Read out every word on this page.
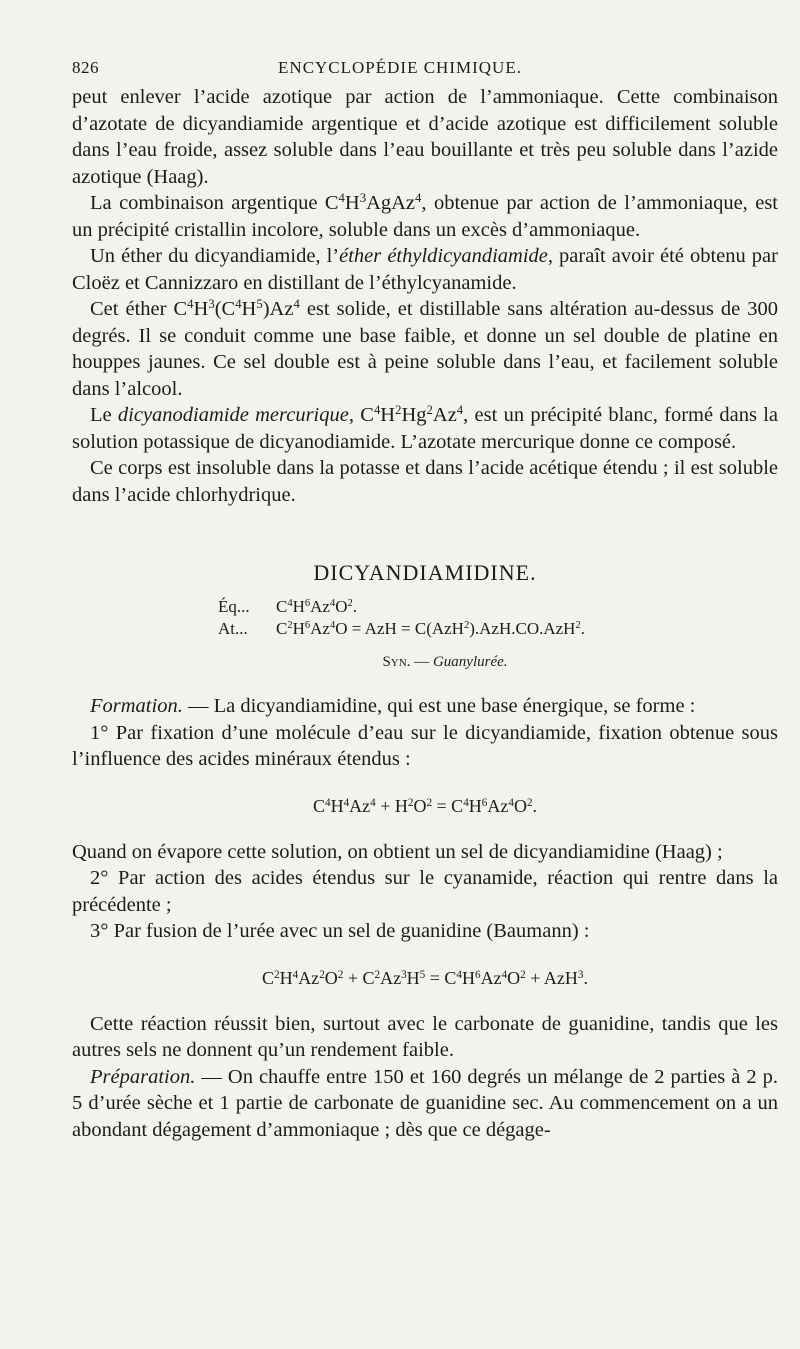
826	ENCYCLOPÉDIE CHIMIQUE.

peut enlever l’acide azotique par action de l’ammoniaque. Cette combinaison d’azotate de dicyandiamide argentique et d’acide azotique est difficilement soluble dans l’eau froide, assez soluble dans l’eau bouillante et très peu soluble dans l’azide azotique (Haag).

La combinaison argentique $C^4H^3AgAz^4$, obtenue par action de l’ammoniaque, est un précipité cristallin incolore, soluble dans un excès d’ammoniaque.

Un éther du dicyandiamide, l’éther éthyldicyandiamide, paraît avoir été obtenu par Cloëz et Cannizzaro en distillant de l’éthylcyanamide.

Cet éther $C^4H^3(C^4H^5)Az^4$ est solide, et distillable sans altération au-dessus de 300 degrés. Il se conduit comme une base faible, et donne un sel double de platine en houppes jaunes. Ce sel double est à peine soluble dans l’eau, et facilement soluble dans l’alcool.

Le dicyanodiamide mercurique, $C^4H^2Hg^2Az^4$, est un précipité blanc, formé dans la solution potassique de dicyanodiamide. L’azotate mercurique donne ce composé.

Ce corps est insoluble dans la potasse et dans l’acide acétique étendu ; il est soluble dans l’acide chlorhydrique.

DICYANDIAMIDINE.
Éq... $C^4H^6Az^4O^2$.
At... $C^2H^6Az^4O$ = AzH = C(AzH$^2$).AzH.CO.AzH$^2$.
Syn. — Guanylurée.

Formation. — La dicyandiamidine, qui est une base énergique, se forme :

1° Par fixation d’une molécule d’eau sur le dicyandiamide, fixation obtenue sous l’influence des acides minéraux étendus :

$C^4H^4Az^4 + H^2O^2 = C^4H^6Az^4O^2$.

Quand on évapore cette solution, on obtient un sel de dicyandiamidine (Haag) ;

2° Par action des acides étendus sur le cyanamide, réaction qui rentre dans la précédente ;

3° Par fusion de l’urée avec un sel de guanidine (Baumann) :

$C^2H^4Az^2O^2 + C^2Az^3H^5 = C^4H^6Az^4O^2 + AzH^3$.

Cette réaction réussit bien, surtout avec le carbonate de guanidine, tandis que les autres sels ne donnent qu’un rendement faible.

Préparation. — On chauffe entre 150 et 160 degrés un mélange de 2 parties à 2 p. 5 d’urée sèche et 1 partie de carbonate de guanidine sec. Au commencement on a un abondant dégagement d’ammoniaque ; dès que ce dégage-
